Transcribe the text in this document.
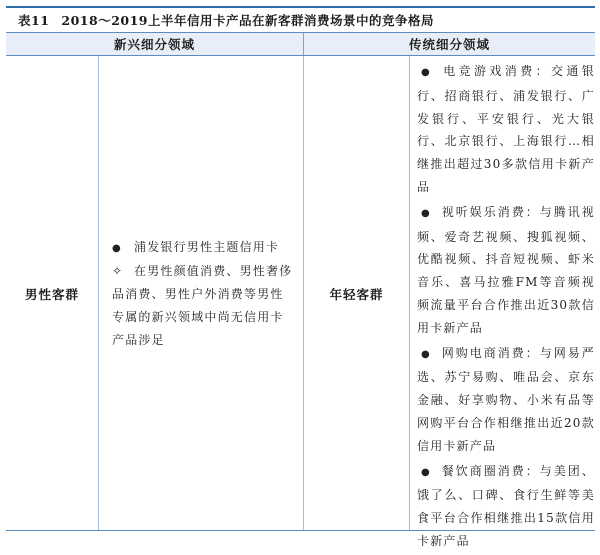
表11 2018～2019上半年信用卡产品在新客群消费场景中的竞争格局
新兴细分领域	传统细分领域
男性客群
● 浦发银行男性主题信用卡
✧ 在男性颜值消费、男性奢侈品消费、男性户外消费等男性专属的新兴领域中尚无信用卡产品涉足
年轻客群
● 电竞游戏消费：交通银行、招商银行、浦发银行、广发银行、平安银行、光大银行、北京银行、上海银行…相继推出超过30多款信用卡新产品
● 视听娱乐消费：与腾讯视频、爱奇艺视频、搜狐视频、优酷视频、抖音短视频、虾米音乐、喜马拉雅FM等音频视频流量平台合作推出近30款信用卡新产品
● 网购电商消费：与网易严选、苏宁易购、唯品会、京东金融、好享购物、小米有品等网购平台合作相继推出近20款信用卡新产品
● 餐饮商圈消费：与美团、饿了么、口碑、食行生鲜等美食平台合作相继推出15款信用卡新产品
